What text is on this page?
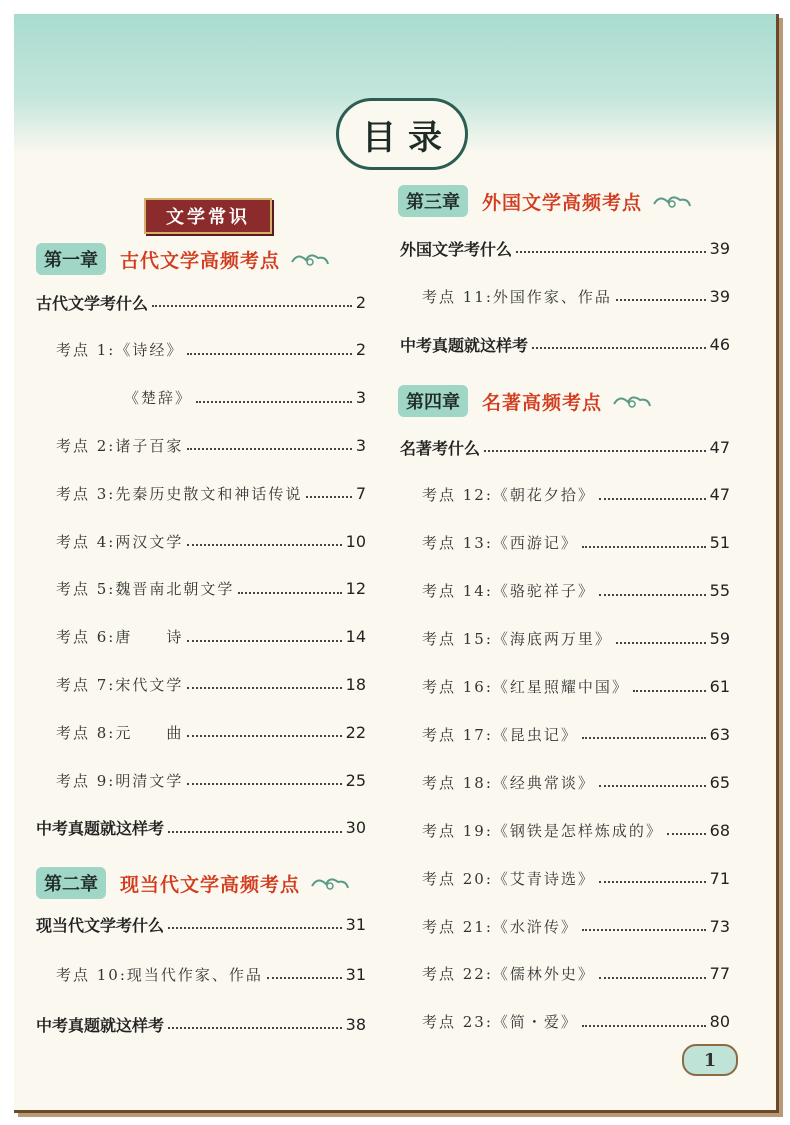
目录
文学常识
第一章	古代文学高频考点
古代文学考什么	2
考点 1:《诗经》	2
《楚辞》	3
考点 2:诸子百家	3
考点 3:先秦历史散文和神话传说	7
考点 4:两汉文学	10
考点 5:魏晋南北朝文学	12
考点 6:唐　　诗	14
考点 7:宋代文学	18
考点 8:元　　曲	22
考点 9:明清文学	25
中考真题就这样考	30
第二章	现当代文学高频考点
现当代文学考什么	31
考点 10:现当代作家、作品	31
中考真题就这样考	38
第三章	外国文学高频考点
外国文学考什么	39
考点 11:外国作家、作品	39
中考真题就这样考	46
第四章	名著高频考点
名著考什么	47
考点 12:《朝花夕拾》	47
考点 13:《西游记》	51
考点 14:《骆驼祥子》	55
考点 15:《海底两万里》	59
考点 16:《红星照耀中国》	61
考点 17:《昆虫记》	63
考点 18:《经典常谈》	65
考点 19:《钢铁是怎样炼成的》	68
考点 20:《艾青诗选》	71
考点 21:《水浒传》	73
考点 22:《儒林外史》	77
考点 23:《简・爱》	80
1
